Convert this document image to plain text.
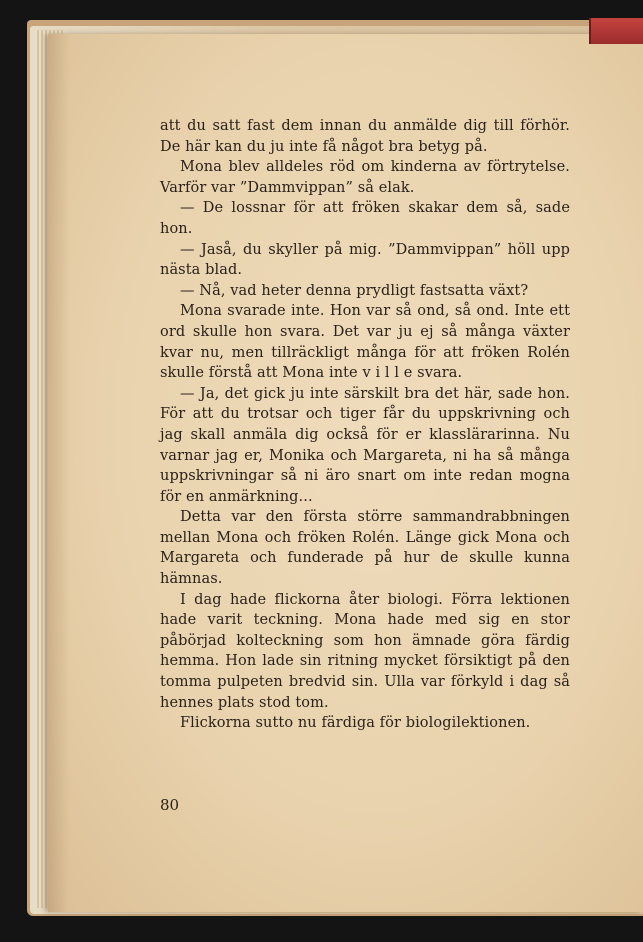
att du satt fast dem innan du anmälde dig till förhör. De här kan du ju inte få något bra betyg på.

Mona blev alldeles röd om kinderna av förtrytelse. Varför var ”Dammvippan” så elak.

— De lossnar för att fröken skakar dem så, sade hon.

— Jaså, du skyller på mig. ”Dammvippan” höll upp nästa blad.

— Nå, vad heter denna prydligt fastsatta växt?

Mona svarade inte. Hon var så ond, så ond. Inte ett ord skulle hon svara. Det var ju ej så många växter kvar nu, men tillräckligt många för att fröken Rolén skulle förstå att Mona inte v i l l e svara.

— Ja, det gick ju inte särskilt bra det här, sade hon. För att du trotsar och tiger får du uppskrivning och jag skall anmäla dig också för er klasslärarinna. Nu varnar jag er, Monika och Margareta, ni ha så många uppskrivningar så ni äro snart om inte redan mogna för en anmärkning...

Detta var den första större sammandrabbningen mellan Mona och fröken Rolén. Länge gick Mona och Margareta och funderade på hur de skulle kunna hämnas.

I dag hade flickorna åter biologi. Förra lektionen hade varit teckning. Mona hade med sig en stor påbörjad kolteckning som hon ämnade göra färdig hemma. Hon lade sin ritning mycket försiktigt på den tomma pulpeten bredvid sin. Ulla var förkyld i dag så hennes plats stod tom.

Flickorna sutto nu färdiga för biologilektionen.

80
